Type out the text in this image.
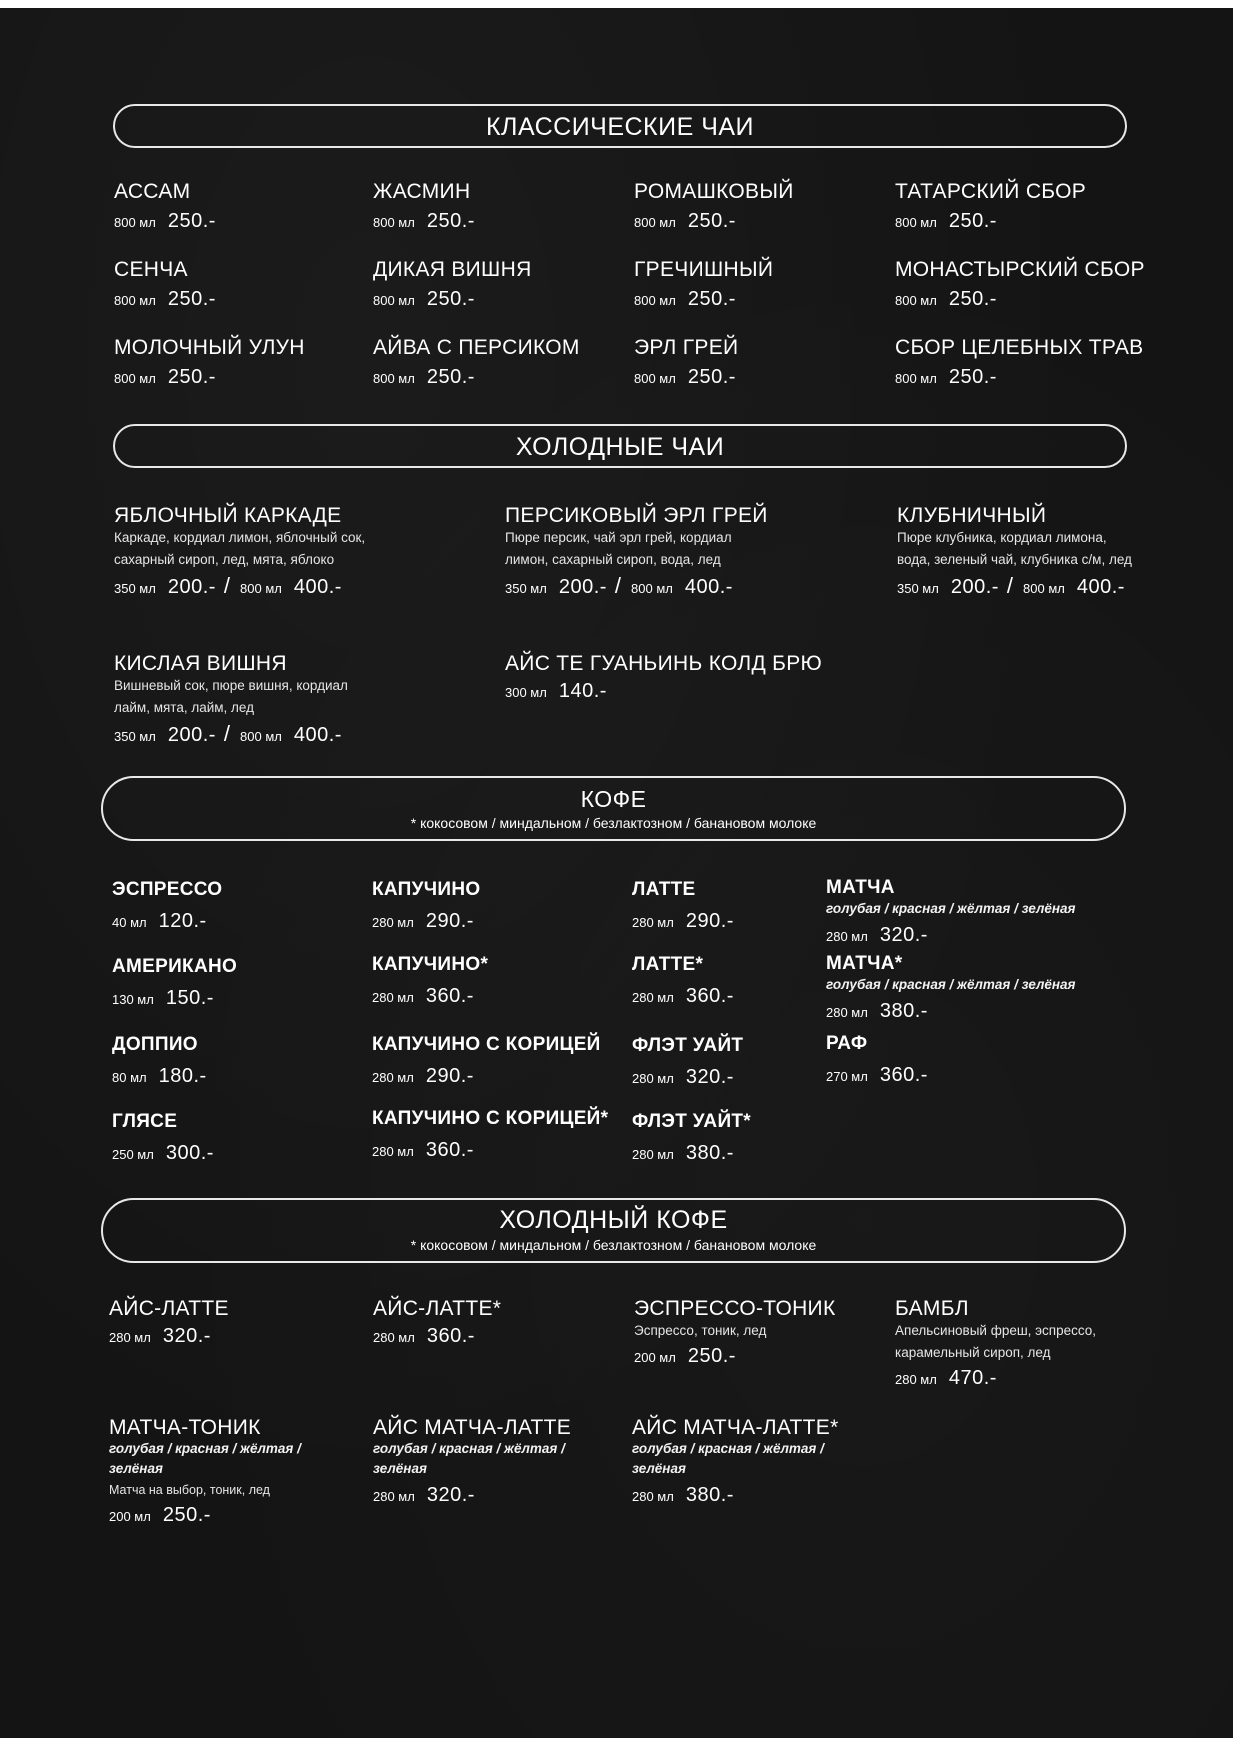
КЛАССИЧЕСКИЕ ЧАИ
АССАМ
800 мл 250.-
ЖАСМИН
800 мл 250.-
РОМАШКОВЫЙ
800 мл 250.-
ТАТАРСКИЙ СБОР
800 мл 250.-
СЕНЧА
800 мл 250.-
ДИКАЯ ВИШНЯ
800 мл 250.-
ГРЕЧИШНЫЙ
800 мл 250.-
МОНАСТЫРСКИЙ СБОР
800 мл 250.-
МОЛОЧНЫЙ УЛУН
800 мл 250.-
АЙВА С ПЕРСИКОМ
800 мл 250.-
ЭРЛ ГРЕЙ
800 мл 250.-
СБОР ЦЕЛЕБНЫХ ТРАВ
800 мл 250.-
ХОЛОДНЫЕ ЧАИ
ЯБЛОЧНЫЙ КАРКАДЕ
Каркаде, кордиал лимон, яблочный сок,
сахарный сироп, лед, мята, яблоко
350 мл 200.- / 800 мл 400.-
ПЕРСИКОВЫЙ ЭРЛ ГРЕЙ
Пюре персик, чай эрл грей, кордиал
лимон, сахарный сироп, вода, лед
350 мл 200.- / 800 мл 400.-
КЛУБНИЧНЫЙ
Пюре клубника, кордиал лимона,
вода, зеленый чай, клубника с/м, лед
350 мл 200.- / 800 мл 400.-
КИСЛАЯ ВИШНЯ
Вишневый сок, пюре вишня, кордиал
лайм, мята, лайм, лед
350 мл 200.- / 800 мл 400.-
АЙС ТЕ ГУАНЬИНЬ КОЛД БРЮ
300 мл 140.-
КОФЕ
* кокосовом / миндальном / безлактозном / банановом молоке
ЭСПРЕССО
40 мл 120.-
АМЕРИКАНО
130 мл 150.-
ДОППИО
80 мл 180.-
ГЛЯСЕ
250 мл 300.-
КАПУЧИНО
280 мл 290.-
КАПУЧИНО*
280 мл 360.-
КАПУЧИНО С КОРИЦЕЙ
280 мл 290.-
КАПУЧИНО С КОРИЦЕЙ*
280 мл 360.-
ЛАТТЕ
280 мл 290.-
ЛАТТЕ*
280 мл 360.-
ФЛЭТ УАЙТ
280 мл 320.-
ФЛЭТ УАЙТ*
280 мл 380.-
МАТЧА
голубая / красная / жёлтая / зелёная
280 мл 320.-
МАТЧА*
голубая / красная / жёлтая / зелёная
280 мл 380.-
РАФ
270 мл 360.-
ХОЛОДНЫЙ КОФЕ
* кокосовом / миндальном / безлактозном / банановом молоке
АЙС-ЛАТТЕ
280 мл 320.-
АЙС-ЛАТТЕ*
280 мл 360.-
ЭСПРЕССО-ТОНИК
Эспрессо, тоник, лед
200 мл 250.-
БАМБЛ
Апельсиновый фреш, эспрессо,
карамельный сироп, лед
280 мл 470.-
МАТЧА-ТОНИК
голубая / красная / жёлтая /
зелёная
Матча на выбор, тоник, лед
200 мл 250.-
АЙС МАТЧА-ЛАТТЕ
голубая / красная / жёлтая /
зелёная
280 мл 320.-
АЙС МАТЧА-ЛАТТЕ*
голубая / красная / жёлтая /
зелёная
280 мл 380.-
